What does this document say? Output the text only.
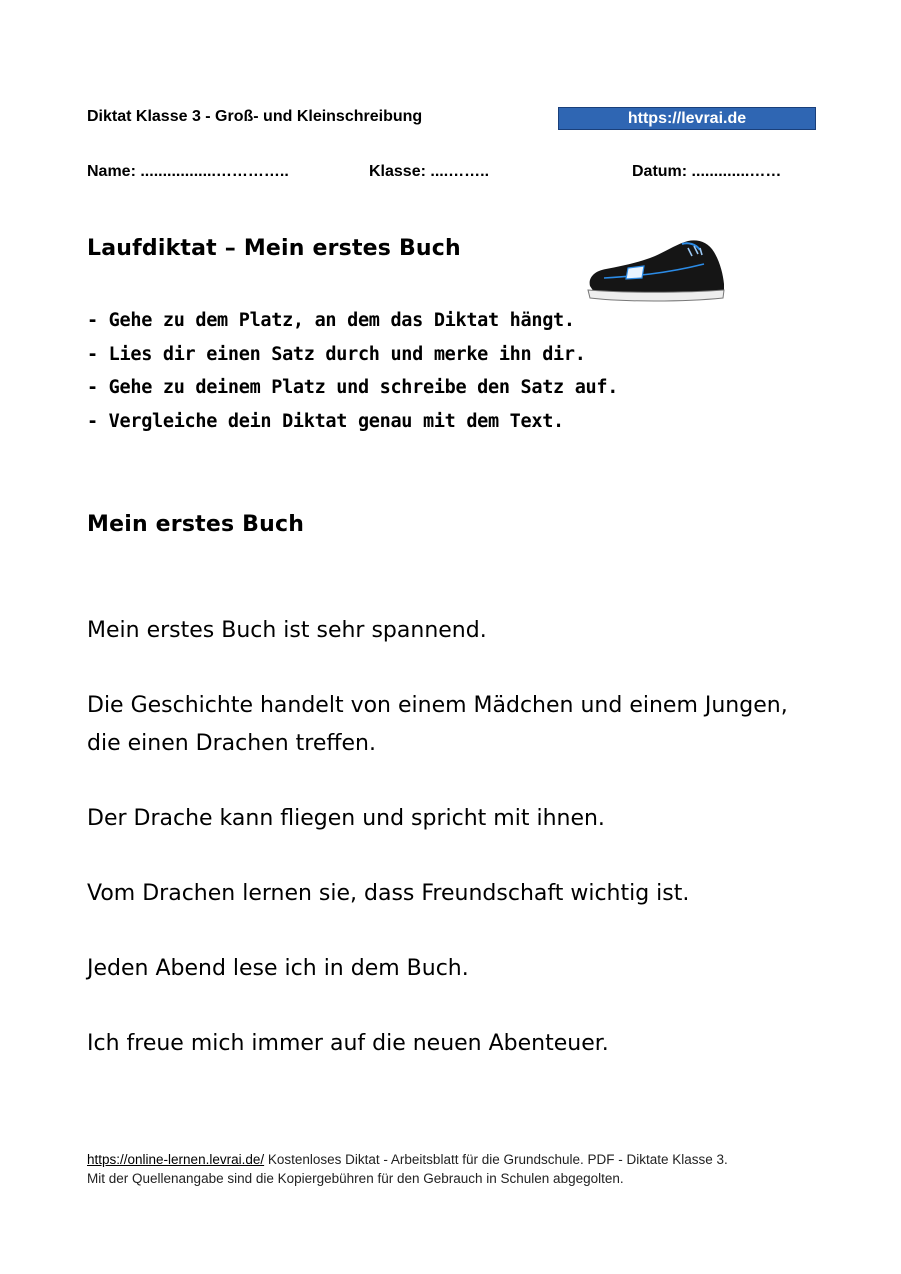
Diktat Klasse 3 - Groß- und Kleinschreibung	https://levrai.de
Name: .................…………..	Klasse: ....……..	Datum: .............……
Laufdiktat – Mein erstes Buch
- Gehe zu dem Platz, an dem das Diktat hängt.
- Lies dir einen Satz durch und merke ihn dir.
- Gehe zu deinem Platz und schreibe den Satz auf.
- Vergleiche dein Diktat genau mit dem Text.
Mein erstes Buch

Mein erstes Buch ist sehr spannend.

Die Geschichte handelt von einem Mädchen und einem Jungen, die einen Drachen treffen.

Der Drache kann fliegen und spricht mit ihnen.

Vom Drachen lernen sie, dass Freundschaft wichtig ist.

Jeden Abend lese ich in dem Buch.

Ich freue mich immer auf die neuen Abenteuer.

https://online-lernen.levrai.de/ Kostenloses Diktat - Arbeitsblatt für die Grundschule. PDF - Diktate Klasse 3.
Mit der Quellenangabe sind die Kopiergebühren für den Gebrauch in Schulen abgegolten.
